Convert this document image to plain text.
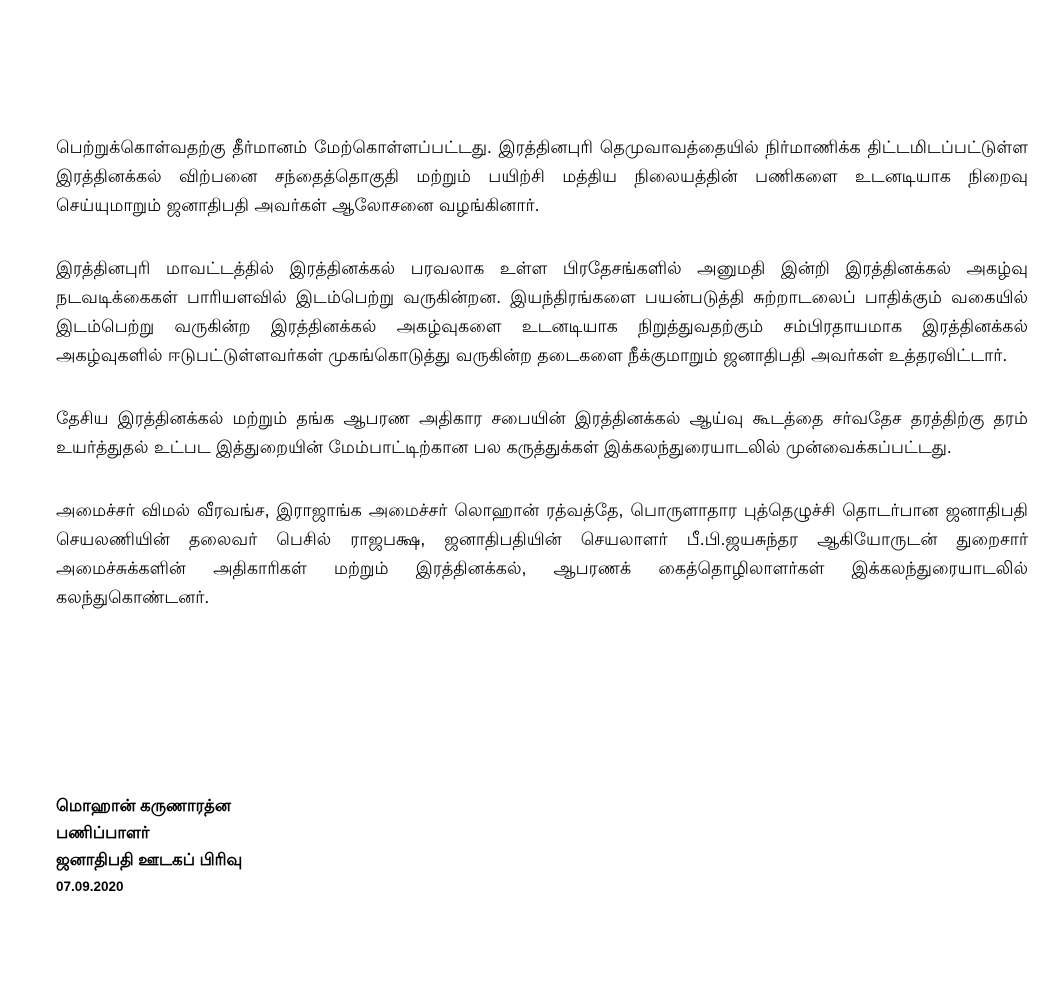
பெற்றுக்கொள்வதற்கு தீர்மானம் மேற்கொள்ளப்பட்டது. இரத்தினபுரி தெமுவாவத்தையில் நிர்மாணிக்க திட்டமிடப்பட்டுள்ள இரத்தினக்கல் விற்பனை சந்தைத்தொகுதி மற்றும் பயிற்சி மத்திய நிலையத்தின் பணிகளை உடனடியாக நிறைவு செய்யுமாறும் ஜனாதிபதி அவர்கள் ஆலோசனை வழங்கினார்.

இரத்தினபுரி மாவட்டத்தில் இரத்தினக்கல் பரவலாக உள்ள பிரதேசங்களில் அனுமதி இன்றி இரத்தினக்கல் அகழ்வு நடவடிக்கைகள் பாரியளவில் இடம்பெற்று வருகின்றன. இயந்திரங்களை பயன்படுத்தி சுற்றாடலைப் பாதிக்கும் வகையில் இடம்பெற்று வருகின்ற இரத்தினக்கல் அகழ்வுகளை உடனடியாக நிறுத்துவதற்கும் சம்பிரதாயமாக இரத்தினக்கல் அகழ்வுகளில் ஈடுபட்டுள்ளவர்கள் முகங்கொடுத்து வருகின்ற தடைகளை நீக்குமாறும் ஜனாதிபதி அவர்கள் உத்தரவிட்டார்.

தேசிய இரத்தினக்கல் மற்றும் தங்க ஆபரண அதிகார சபையின் இரத்தினக்கல் ஆய்வு கூடத்தை சர்வதேச தரத்திற்கு தரம் உயர்த்துதல் உட்பட இத்துறையின் மேம்பாட்டிற்கான பல கருத்துக்கள் இக்கலந்துரையாடலில் முன்வைக்கப்பட்டது.

அமைச்சர் விமல் வீரவங்ச, இராஜாங்க அமைச்சர் லொஹான் ரத்வத்தே, பொருளாதார புத்தெழுச்சி தொடர்பான ஜனாதிபதி செயலணியின் தலைவர் பெசில் ராஜபக்ஷ, ஜனாதிபதியின் செயலாளர் பீ.பி.ஜயசுந்தர ஆகியோருடன் துறைசார் அமைச்சுக்களின் அதிகாரிகள் மற்றும் இரத்தினக்கல், ஆபரணக் கைத்தொழிலாளர்கள் இக்கலந்துரையாடலில் கலந்துகொண்டனர்.

மொஹான் கருணாரத்ன
பணிப்பாளர்
ஜனாதிபதி ஊடகப் பிரிவு
07.09.2020
